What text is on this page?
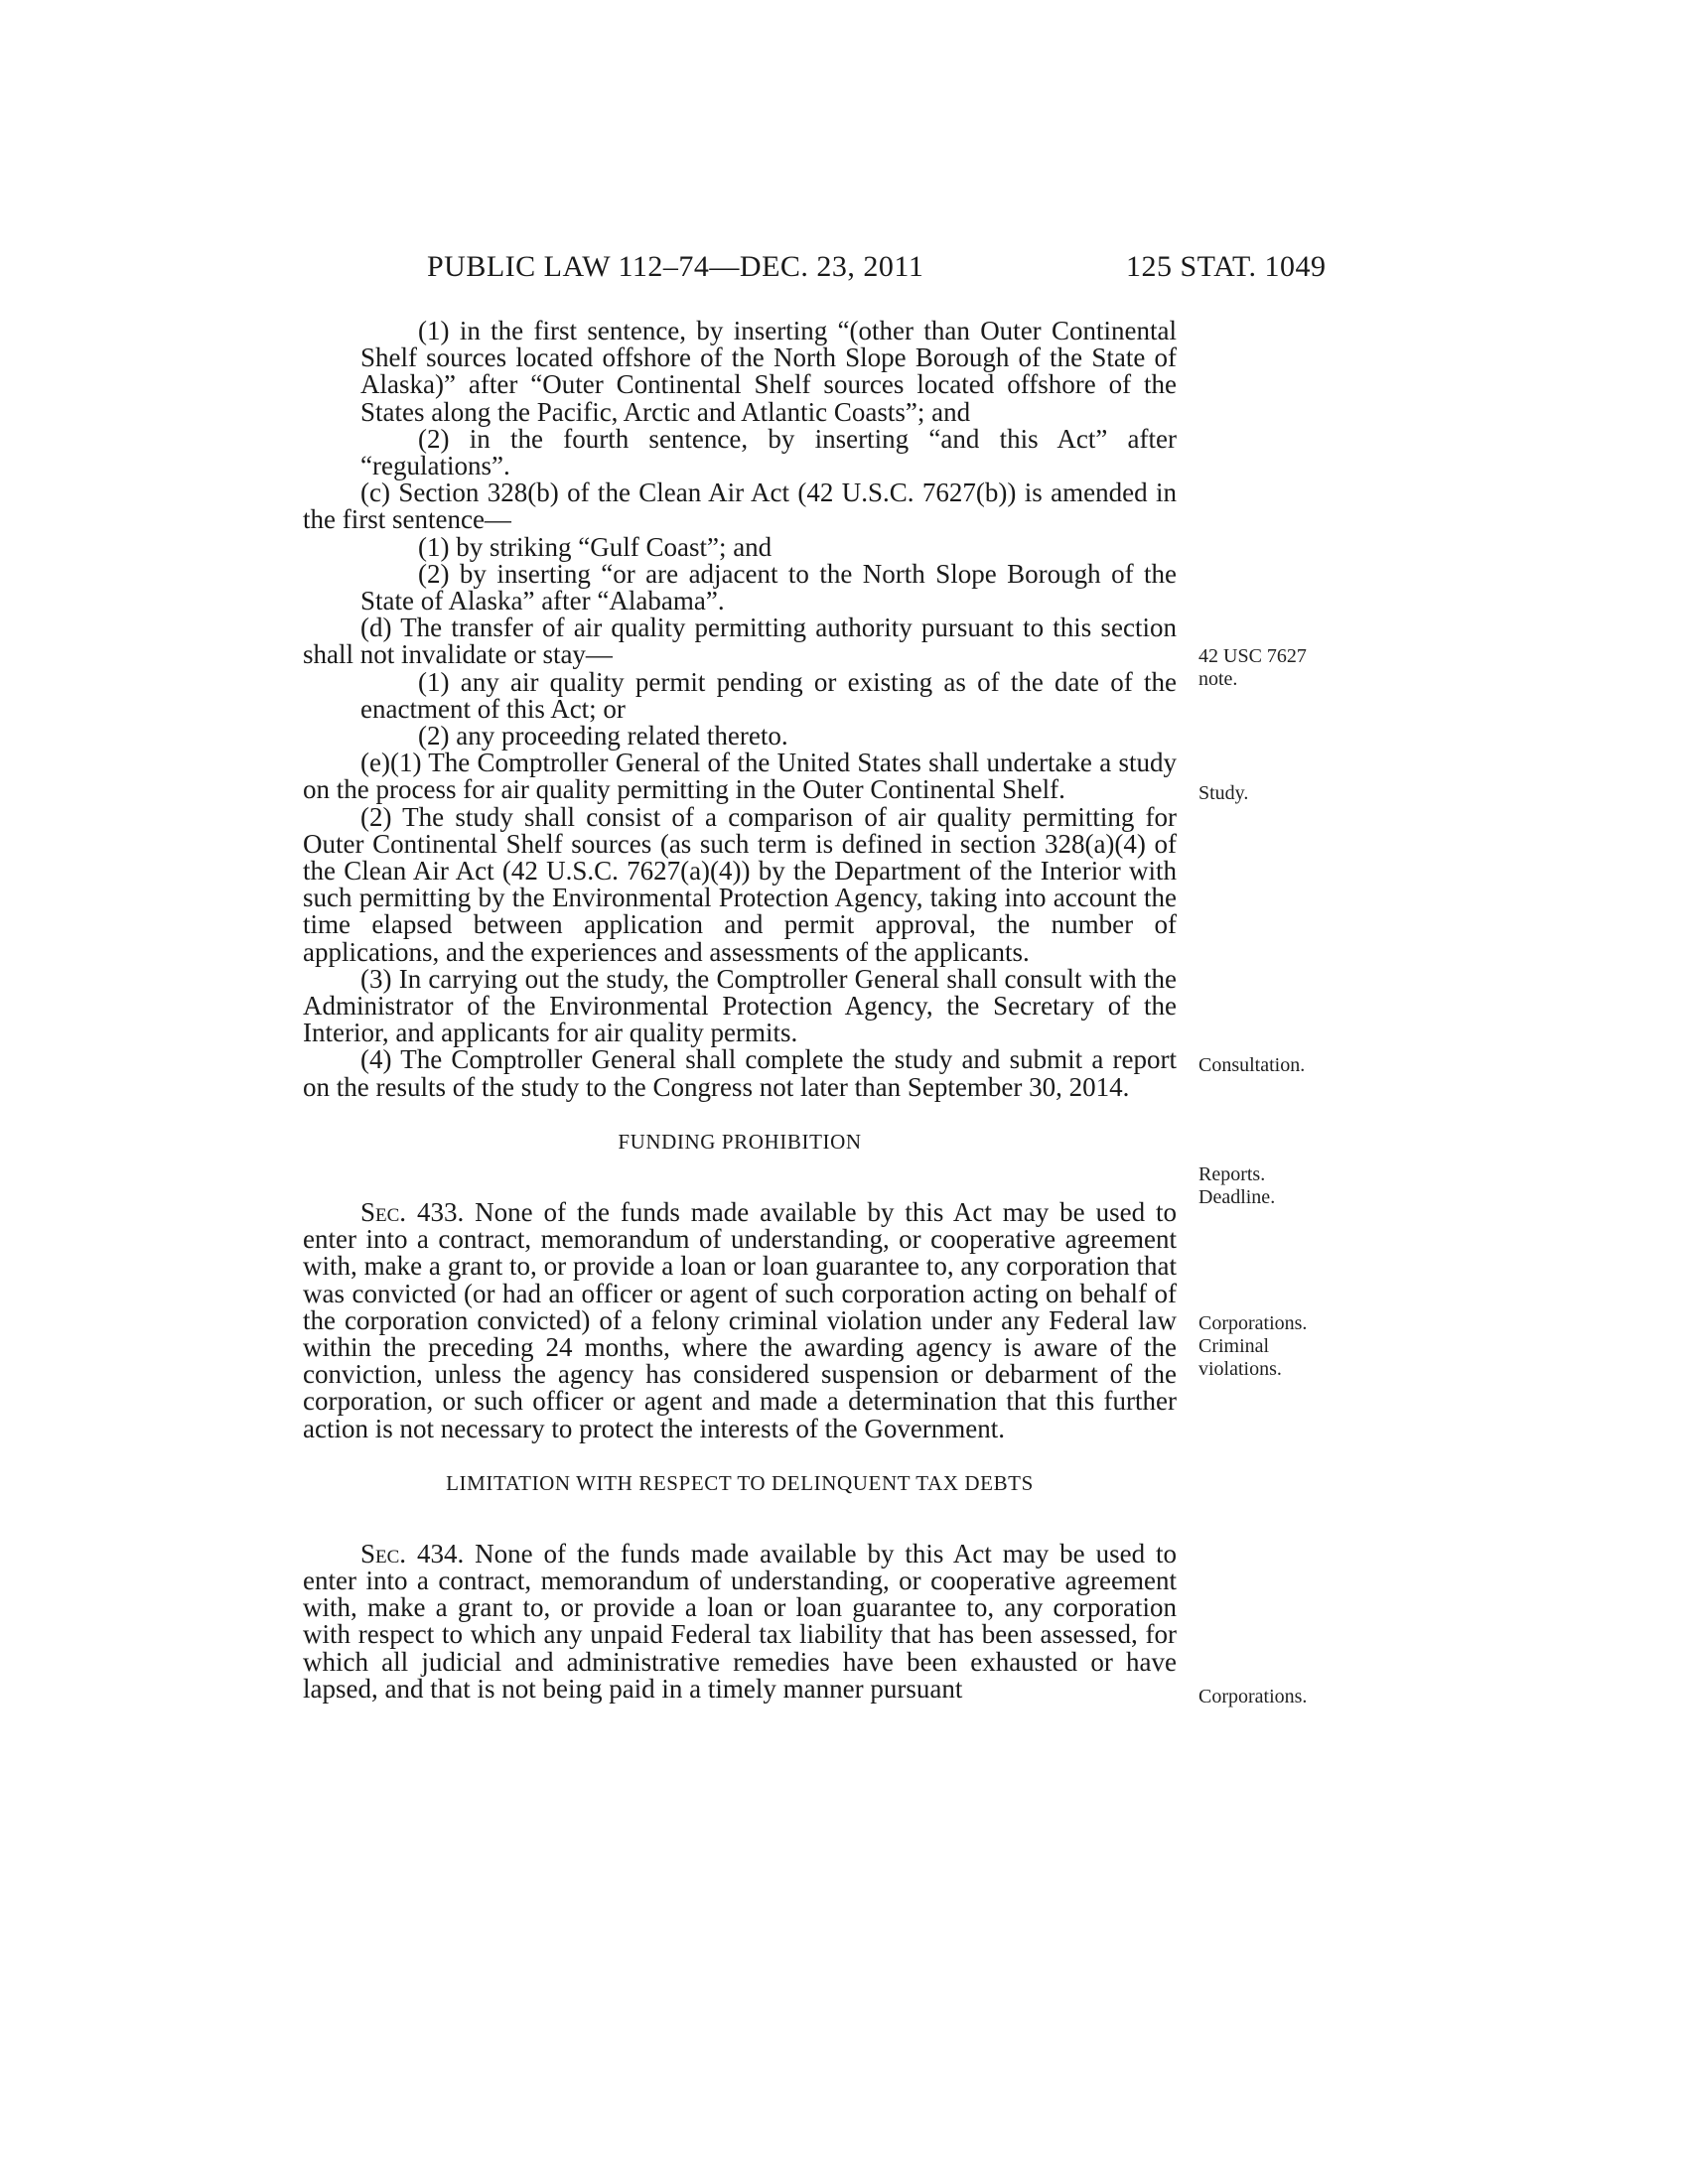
PUBLIC LAW 112–74—DEC. 23, 2011	125 STAT. 1049

(1) in the first sentence, by inserting “(other than Outer Continental Shelf sources located offshore of the North Slope Borough of the State of Alaska)” after “Outer Continental Shelf sources located offshore of the States along the Pacific, Arctic and Atlantic Coasts”; and

(2) in the fourth sentence, by inserting “and this Act” after “regulations”.

(c) Section 328(b) of the Clean Air Act (42 U.S.C. 7627(b)) is amended in the first sentence—

(1) by striking “Gulf Coast”; and

(2) by inserting “or are adjacent to the North Slope Borough of the State of Alaska” after “Alabama”.

(d) The transfer of air quality permitting authority pursuant to this section shall not invalidate or stay—

(1) any air quality permit pending or existing as of the date of the enactment of this Act; or

(2) any proceeding related thereto.

(e)(1) The Comptroller General of the United States shall undertake a study on the process for air quality permitting in the Outer Continental Shelf.

(2) The study shall consist of a comparison of air quality permitting for Outer Continental Shelf sources (as such term is defined in section 328(a)(4) of the Clean Air Act (42 U.S.C. 7627(a)(4)) by the Department of the Interior with such permitting by the Environmental Protection Agency, taking into account the time elapsed between application and permit approval, the number of applications, and the experiences and assessments of the applicants.

(3) In carrying out the study, the Comptroller General shall consult with the Administrator of the Environmental Protection Agency, the Secretary of the Interior, and applicants for air quality permits.

(4) The Comptroller General shall complete the study and submit a report on the results of the study to the Congress not later than September 30, 2014.

FUNDING PROHIBITION

Sec. 433. None of the funds made available by this Act may be used to enter into a contract, memorandum of understanding, or cooperative agreement with, make a grant to, or provide a loan or loan guarantee to, any corporation that was convicted (or had an officer or agent of such corporation acting on behalf of the corporation convicted) of a felony criminal violation under any Federal law within the preceding 24 months, where the awarding agency is aware of the conviction, unless the agency has considered suspension or debarment of the corporation, or such officer or agent and made a determination that this further action is not necessary to protect the interests of the Government.

LIMITATION WITH RESPECT TO DELINQUENT TAX DEBTS

Sec. 434. None of the funds made available by this Act may be used to enter into a contract, memorandum of understanding, or cooperative agreement with, make a grant to, or provide a loan or loan guarantee to, any corporation with respect to which any unpaid Federal tax liability that has been assessed, for which all judicial and administrative remedies have been exhausted or have lapsed, and that is not being paid in a timely manner pursuant

42 USC 7627
note.
Study.
Consultation.
Reports.
Deadline.
Corporations.
Criminal
violations.
Corporations.
